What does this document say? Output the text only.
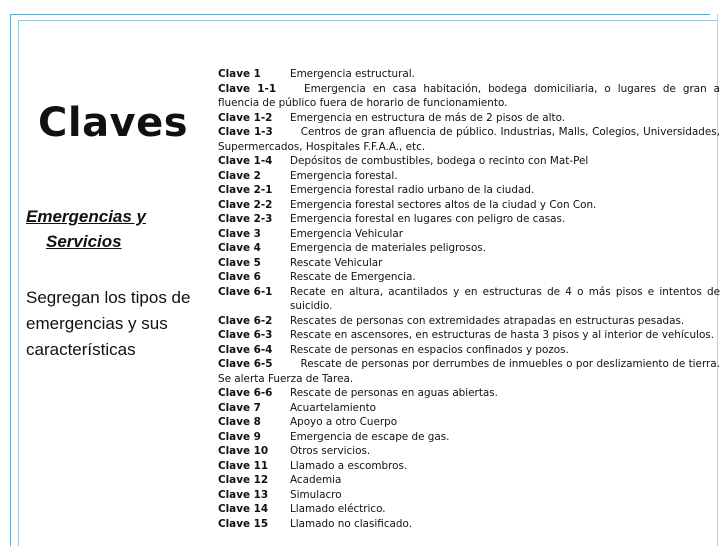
Claves
Emergencias y
Servicios
Segregan los tipos de
emergencias y sus
características
Clave 1	Emergencia estructural.
Clave 1-1	Emergencia en casa habitación, bodega domiciliaria, o lugares de gran a fluencia de público fuera de horario de funcionamiento.
Clave 1-2	Emergencia en estructura de más de 2 pisos de alto.
Clave 1-3	Centros de gran afluencia de público. Industrias, Malls, Colegios, Universidades, Supermercados, Hospitales F.F.A.A., etc.
Clave 1-4	Depósitos de combustibles, bodega o recinto con Mat-Pel
Clave 2	Emergencia forestal.
Clave 2-1	Emergencia forestal radio urbano de la ciudad.
Clave 2-2	Emergencia forestal sectores altos de la ciudad y Con Con.
Clave 2-3	Emergencia forestal en lugares con peligro de casas.
Clave 3	Emergencia Vehicular
Clave 4	Emergencia de materiales peligrosos.
Clave 5	Rescate Vehicular
Clave 6	Rescate de Emergencia.
Clave 6-1	Recate en altura, acantilados y en estructuras de 4 o más pisos e intentos de suicidio.
Clave 6-2	Rescates de personas con extremidades atrapadas en estructuras pesadas.
Clave 6-3	Rescate en ascensores, en estructuras de hasta 3 pisos y al interior de vehículos.
Clave 6-4	Rescate de personas en espacios confinados y pozos.
Clave 6-5	Rescate de personas por derrumbes de inmuebles o por deslizamiento de tierra. Se alerta Fuerza de Tarea.
Clave 6-6	Rescate de personas en aguas abiertas.
Clave 7	Acuartelamiento
Clave 8	Apoyo a otro Cuerpo
Clave 9	Emergencia de escape de gas.
Clave 10	Otros servicios.
Clave 11	Llamado a escombros.
Clave 12	Academia
Clave 13	Simulacro
Clave 14	Llamado eléctrico.
Clave 15	Llamado no clasificado.
